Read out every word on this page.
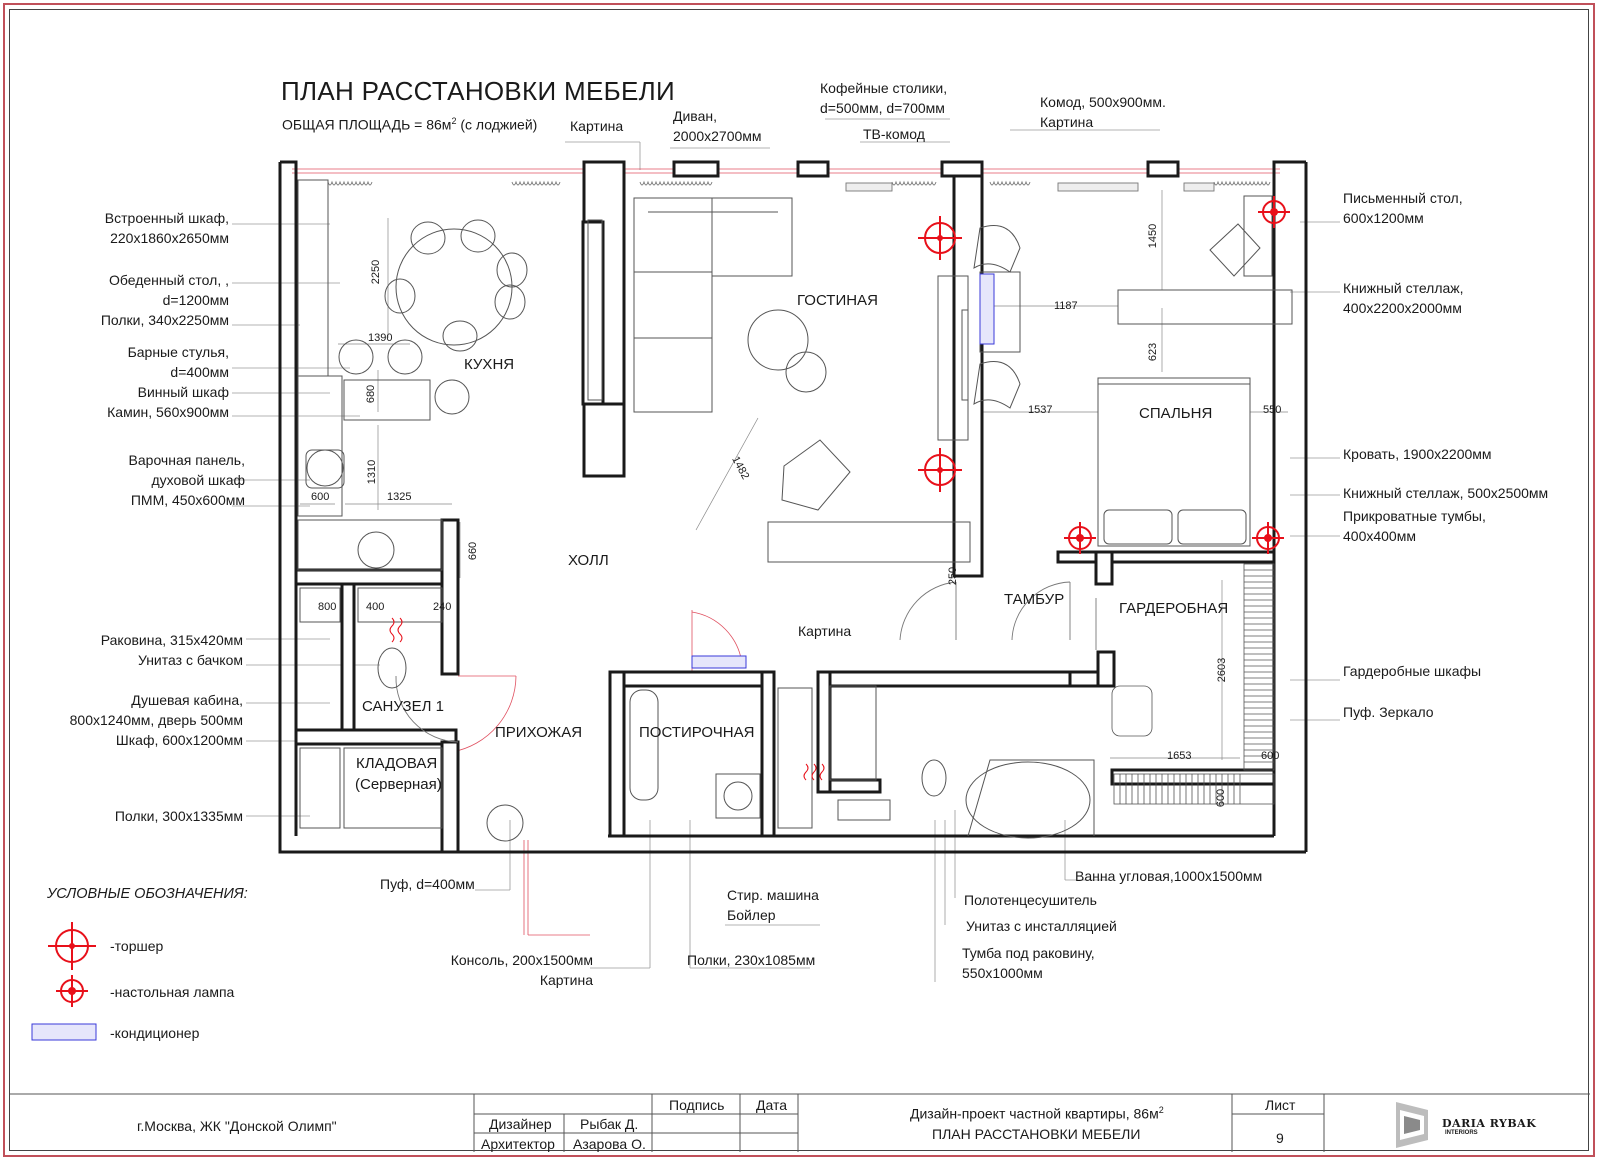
ПЛАН РАССТАНОВКИ МЕБЕЛИ
ОБЩАЯ ПЛОЩАДЬ = $86м^2$ (с лоджией)
КУХНЯ
ГОСТИНАЯ
СПАЛЬНЯ
ХОЛЛ
ТАМБУР
ГАРДЕРОБНАЯ
САНУЗЕЛ 1
КЛАДОВАЯ
(Серверная)
ПРИХОЖАЯ	ПОСТИРОЧНАЯ
2250
1390
680
1310
600	1325
660
800	400	240
1482
1450
1187
623
1537	550
250
2603
1653	600
600
Встроенный шкаф,
220х1860х2650мм
Обеденный стол, ,
d=1200мм
Полки, 340х2250мм
Барные стулья,
d=400мм
Винный шкаф
Камин, 560х900мм
Варочная панель,
духовой шкаф
ПММ, 450х600мм
Раковина, 315х420мм
Унитаз с бачком
Душевая кабина,
800х1240мм, дверь 500мм
Шкаф, 600х1200мм
Полки, 300х1335мм
Картина
Диван,
2000х2700мм
Кофейные столики,
d=500мм, d=700мм
ТВ-комод
Комод, 500х900мм.
Картина
Картина
Письменный стол,
600х1200мм
Книжный стеллаж,
400х2200х2000мм
Кровать, 1900х2200мм
Книжный стеллаж, 500х2500мм
Прикроватные тумбы,
400х400мм
Гардеробные шкафы
Пуф. Зеркало
Пуф, d=400мм
Консоль, 200х1500мм
Картина
Стир. машина
Бойлер
Полки, 230х1085мм
Ванна угловая,1000х1500мм
Полотенцесушитель
Унитаз с инсталляцией
Тумба под раковину,
550х1000мм
УСЛОВНЫЕ ОБОЗНАЧЕНИЯ:
-торшер
-настольная лампа
-кондиционер
г.Москва, ЖК "Донской Олимп"
Подпись Дата
Дизайнер Рыбак Д.
Архитектор Азарова О.
Дизайн-проект частной квартиры, $86м^2$
ПЛАН РАССТАНОВКИ МЕБЕЛИ
Лист
9
DARIA RYBAK
INTERIORS
